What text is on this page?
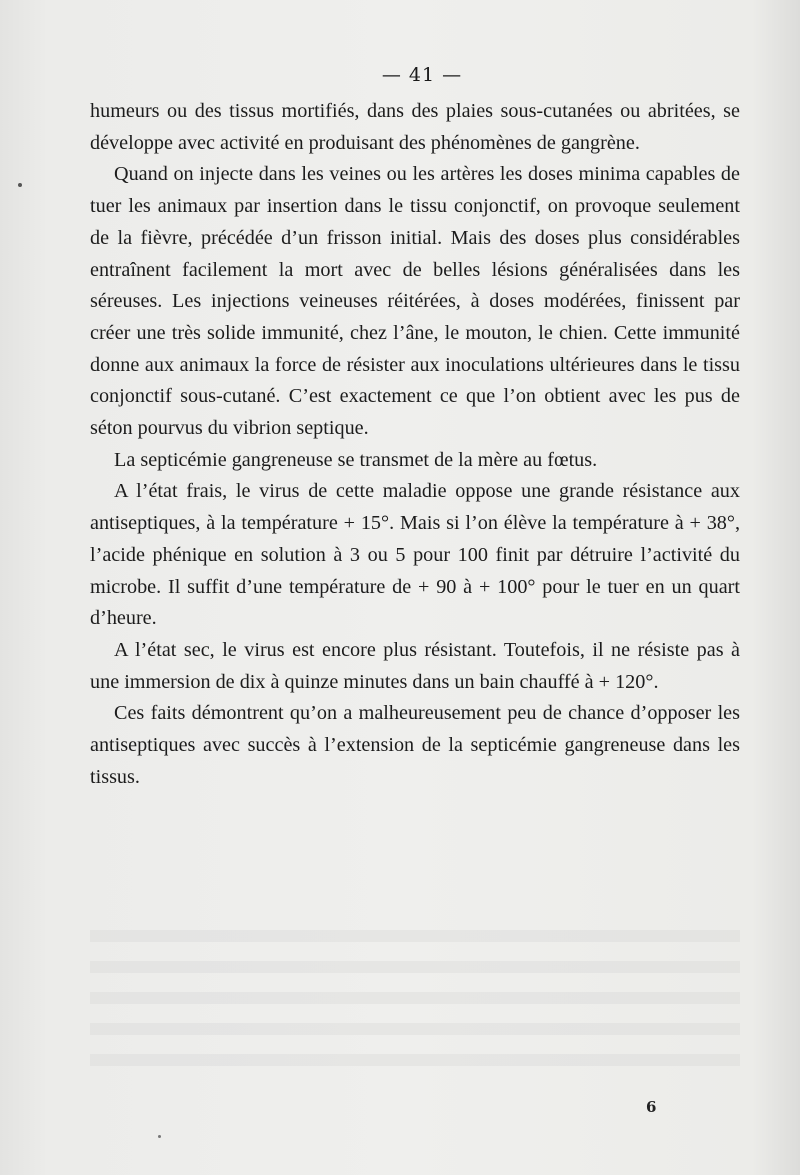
— 41 —

humeurs ou des tissus mortifiés, dans des plaies sous-cutanées ou abritées, se développe avec activité en produisant des phénomènes de gangrène.

Quand on injecte dans les veines ou les artères les doses minima capables de tuer les animaux par insertion dans le tissu conjonctif, on provoque seulement de la fièvre, précédée d’un frisson initial. Mais des doses plus considérables entraînent facilement la mort avec de belles lésions généralisées dans les séreuses. Les injections veineuses réitérées, à doses modérées, finissent par créer une très solide immunité, chez l’âne, le mouton, le chien. Cette immunité donne aux animaux la force de résister aux inoculations ultérieures dans le tissu conjonctif sous-cutané. C’est exactement ce que l’on obtient avec les pus de séton pourvus du vibrion septique.

La septicémie gangreneuse se transmet de la mère au fœtus.

A l’état frais, le virus de cette maladie oppose une grande résistance aux antiseptiques, à la température + 15°. Mais si l’on élève la température à + 38°, l’acide phénique en solution à 3 ou 5 pour 100 finit par détruire l’activité du microbe. Il suffit d’une température de + 90 à + 100° pour le tuer en un quart d’heure.

A l’état sec, le virus est encore plus résistant. Toutefois, il ne résiste pas à une immersion de dix à quinze minutes dans un bain chauffé à + 120°.

Ces faits démontrent qu’on a malheureusement peu de chance d’opposer les antiseptiques avec succès à l’extension de la septicémie gangreneuse dans les tissus.

6
